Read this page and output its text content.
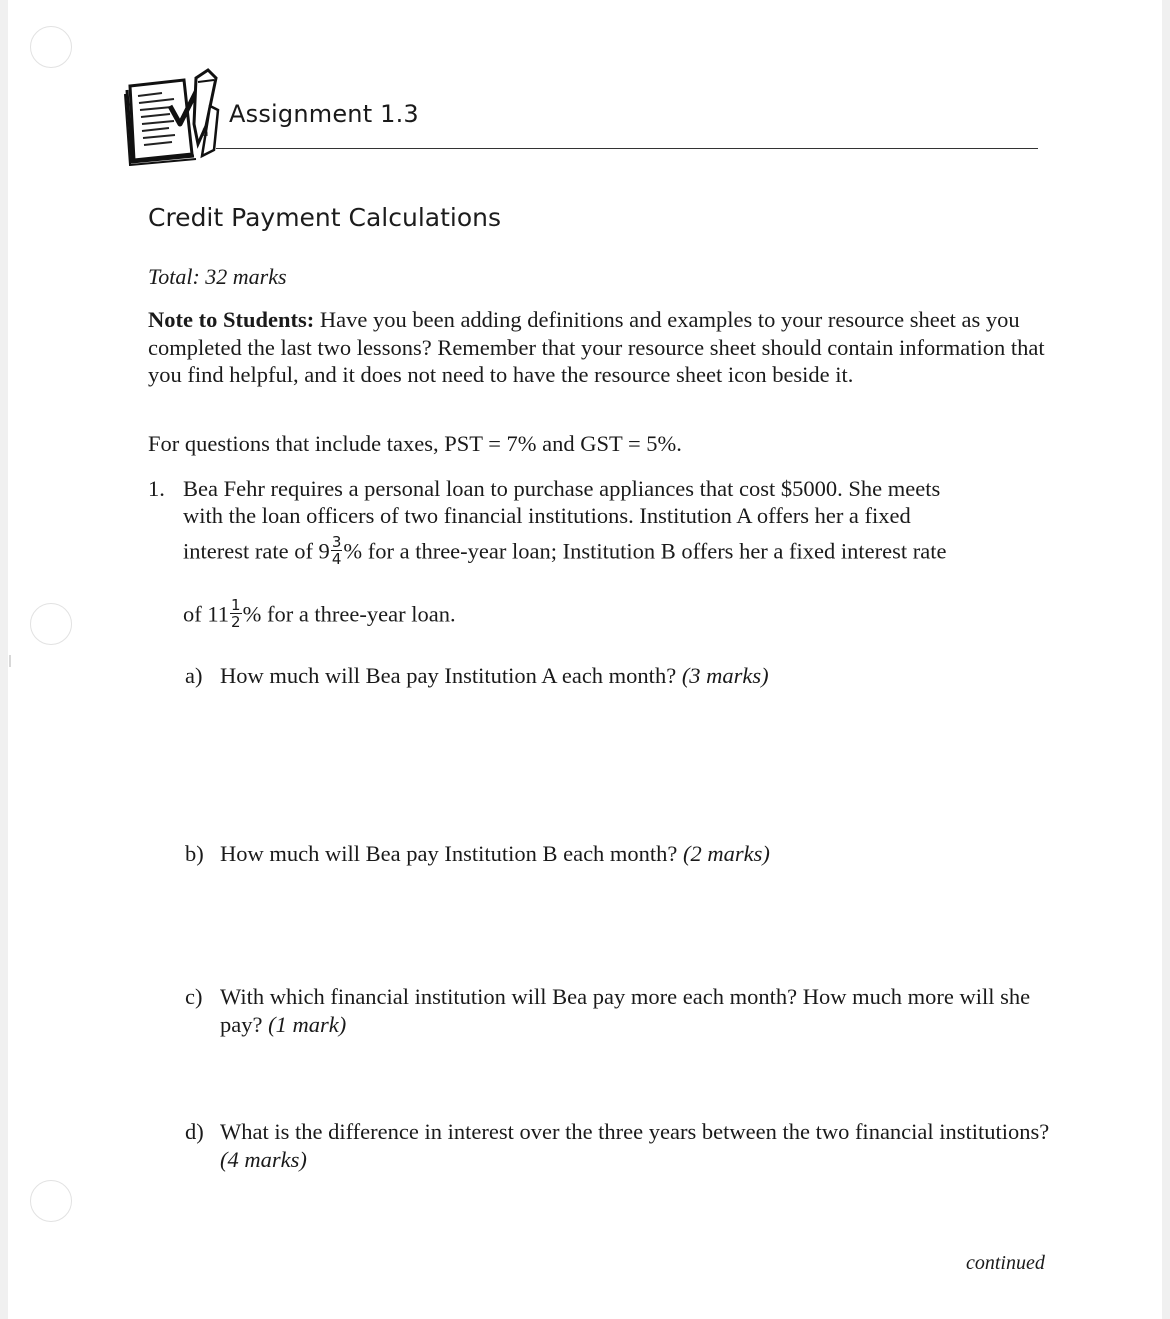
h
Assignment 1.3
Credit Payment Calculations
Total: 32 marks
Note to Students: Have you been adding definitions and examples to your resource sheet as you completed the last two lessons? Remember that your resource sheet should contain information that you find helpful, and it does not need to have the resource sheet icon beside it.
For questions that include taxes, PST = 7% and GST = 5%.
1. Bea Fehr requires a personal loan to purchase appliances that cost $5000. She meets
with the loan officers of two financial institutions. Institution A offers her a fixed
interest rate of $9 \frac{3}{4}$ % for a three-year loan; Institution B offers her a fixed interest rate
of $11 \frac{1}{2}$ % for a three-year loan.
a) How much will Bea pay Institution A each month? (3 marks)
b) How much will Bea pay Institution B each month? (2 marks)
c) With which financial institution will Bea pay more each month? How much more will she pay? (1 mark)
d) What is the difference in interest over the three years between the two financial institutions? (4 marks)
continued
